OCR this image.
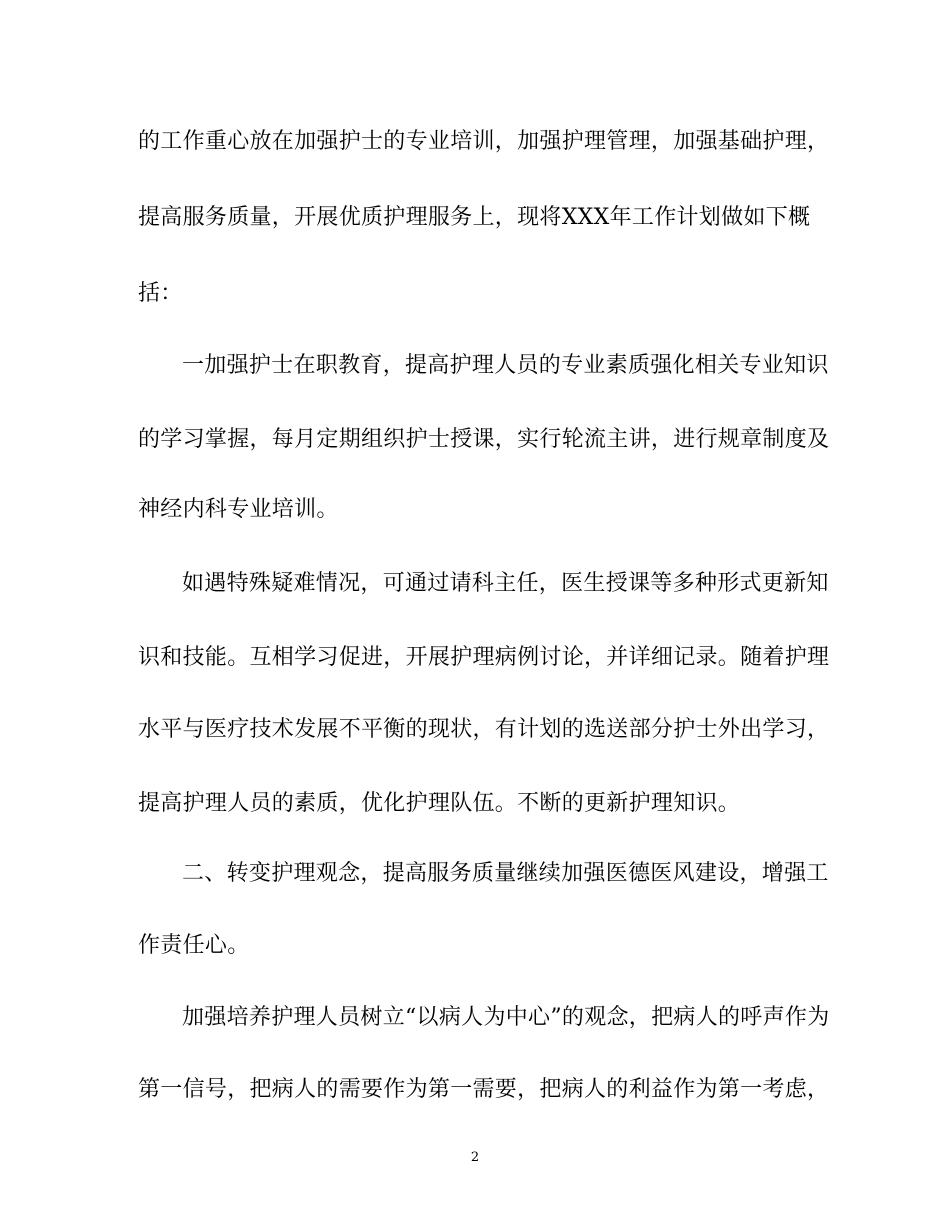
的工作重心放在加强护士的专业培训，加强护理管理，加强基础护理，
提高服务质量，开展优质护理服务上，现将XXX年工作计划做如下概
括：
一加强护士在职教育，提高护理人员的专业素质强化相关专业知识
的学习掌握，每月定期组织护士授课，实行轮流主讲，进行规章制度及
神经内科专业培训。
如遇特殊疑难情况，可通过请科主任，医生授课等多种形式更新知
识和技能。互相学习促进，开展护理病例讨论，并详细记录。随着护理
水平与医疗技术发展不平衡的现状，有计划的选送部分护士外出学习，
提高护理人员的素质，优化护理队伍。不断的更新护理知识。
二、转变护理观念，提高服务质量继续加强医德医风建设，增强工
作责任心。
加强培养护理人员树立“以病人为中心”的观念，把病人的呼声作为
第一信号，把病人的需要作为第一需要，把病人的利益作为第一考虑，
2
